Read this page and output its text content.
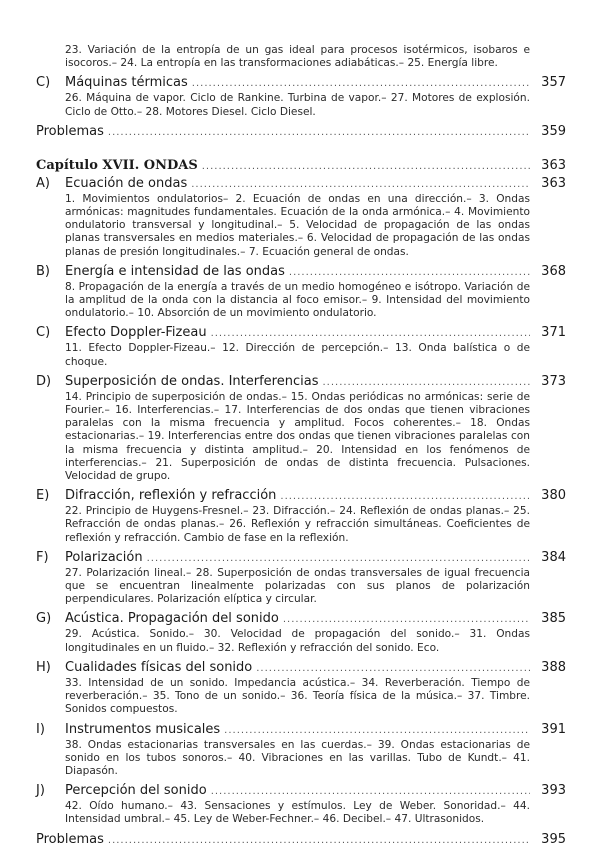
23. Variación de la entropía de un gas ideal para procesos isotérmicos, isobaros e isocoros.– 24. La entropía en las transformaciones adiabáticas.– 25. Energía libre.
C)	Máquinas térmicas .....	357
26. Máquina de vapor. Ciclo de Rankine. Turbina de vapor.– 27. Motores de explosión. Ciclo de Otto.– 28. Motores Diesel. Ciclo Diesel.
Problemas .....	359
Capítulo XVII. ONDAS .....	363
A)	Ecuación de ondas .....	363
1. Movimientos ondulatorios– 2. Ecuación de ondas en una dirección.– 3. Ondas armónicas: magnitudes fundamentales. Ecuación de la onda armónica.– 4. Movimiento ondulatorio transversal y longitudinal.– 5. Velocidad de propagación de las ondas planas transversales en medios materiales.– 6. Velocidad de propagación de las ondas planas de presión longitudinales.– 7. Ecuación general de ondas.
B)	Energía e intensidad de las ondas .....	368
8. Propagación de la energía a través de un medio homogéneo e isótropo. Variación de la amplitud de la onda con la distancia al foco emisor.– 9. Intensidad del movimiento ondulatorio.– 10. Absorción de un movimiento ondulatorio.
C)	Efecto Doppler-Fizeau .....	371
11. Efecto Doppler-Fizeau.– 12. Dirección de percepción.– 13. Onda balística o de choque.
D)	Superposición de ondas. Interferencias .....	373
14. Principio de superposición de ondas.– 15. Ondas periódicas no armónicas: serie de Fourier.– 16. Interferencias.– 17. Interferencias de dos ondas que tienen vibraciones paralelas con la misma frecuencia y amplitud. Focos coherentes.– 18. Ondas estacionarias.– 19. Interferencias entre dos ondas que tienen vibraciones paralelas con la misma frecuencia y distinta amplitud.– 20. Intensidad en los fenómenos de interferencias.– 21. Superposición de ondas de distinta frecuencia. Pulsaciones. Velocidad de grupo.
E)	Difracción, reflexión y refracción .....	380
22. Principio de Huygens-Fresnel.– 23. Difracción.– 24. Reflexión de ondas planas.– 25. Refracción de ondas planas.– 26. Reflexión y refracción simultáneas. Coeficientes de reflexión y refracción. Cambio de fase en la reflexión.
F)	Polarización .....	384
27. Polarización lineal.– 28. Superposición de ondas transversales de igual frecuencia que se encuentran linealmente polarizadas con sus planos de polarización perpendiculares. Polarización elíptica y circular.
G)	Acústica. Propagación del sonido .....	385
29. Acústica. Sonido.– 30. Velocidad de propagación del sonido.– 31. Ondas longitudinales en un fluido.– 32. Reflexión y refracción del sonido. Eco.
H)	Cualidades físicas del sonido .....	388
33. Intensidad de un sonido. Impedancia acústica.– 34. Reverberación. Tiempo de reverberación.– 35. Tono de un sonido.– 36. Teoría física de la música.– 37. Timbre. Sonidos compuestos.
I)	Instrumentos musicales .....	391
38. Ondas estacionarias transversales en las cuerdas.– 39. Ondas estacionarias de sonido en los tubos sonoros.– 40. Vibraciones en las varillas. Tubo de Kundt.– 41. Diapasón.
J)	Percepción del sonido .....	393
42. Oído humano.– 43. Sensaciones y estímulos. Ley de Weber. Sonoridad.– 44. Intensidad umbral.– 45. Ley de Weber-Fechner.– 46. Decibel.– 47. Ultrasonidos.
Problemas .....	395
